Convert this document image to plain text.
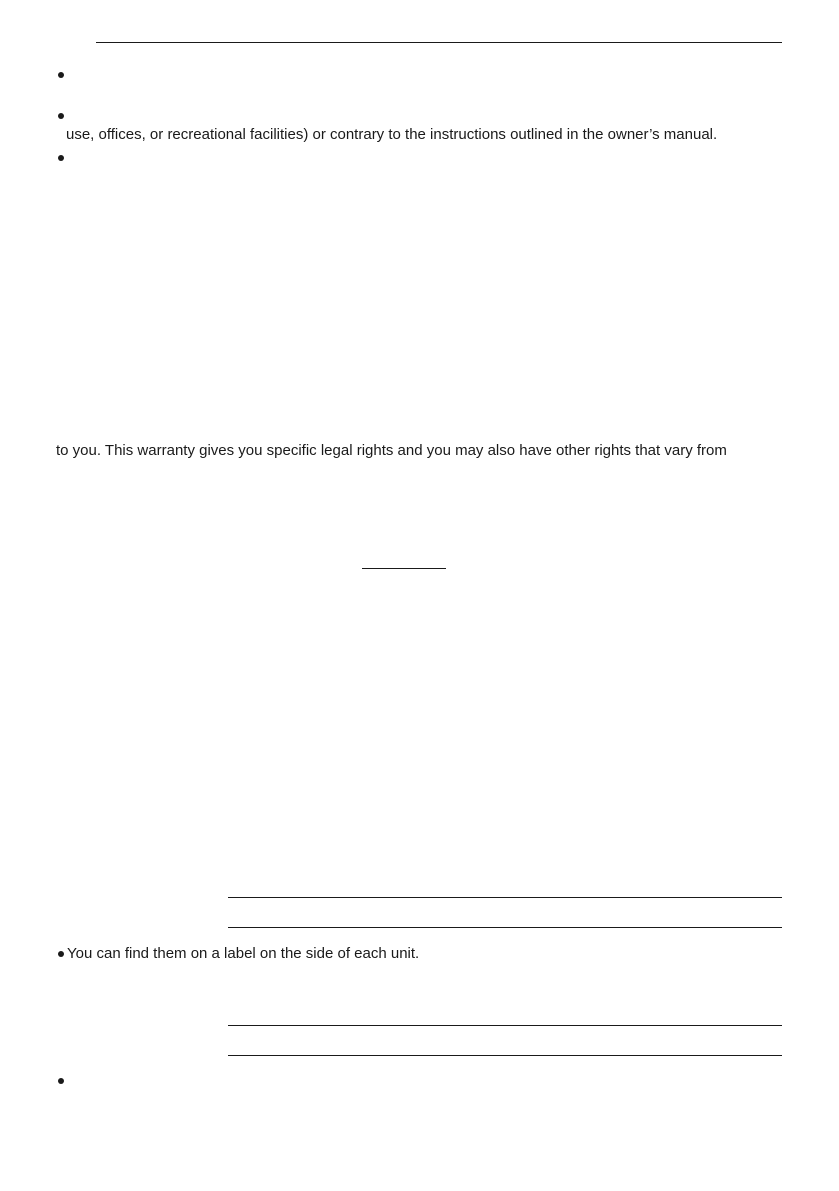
use, offices, or recreational facilities) or contrary to the instructions outlined in the owner’s manual.
to you. This warranty gives you specific legal rights and you may also have other rights that vary from
You can find them on a label on the side of each unit.
